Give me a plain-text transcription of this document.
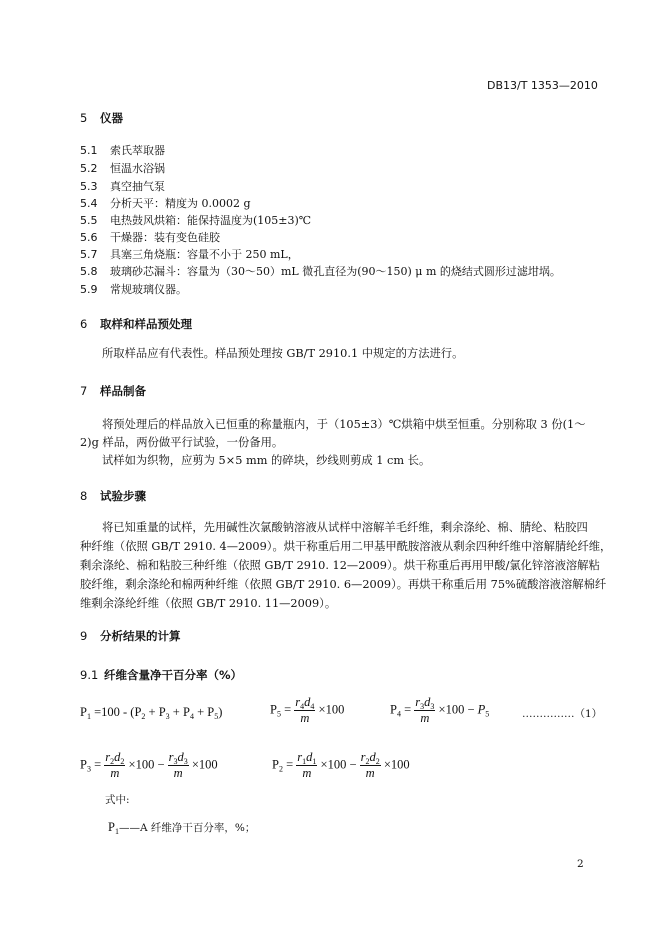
DB13/T 1353—2010
5 仪器
5.1 索氏萃取器
5.2 恒温水浴锅
5.3 真空抽气泵
5.4 分析天平：精度为 0.0002 g
5.5 电热鼓风烘箱：能保持温度为(105±3)℃
5.6 干燥器：装有变色硅胶
5.7 具塞三角烧瓶：容量不小于 250 mL，
5.8 玻璃砂芯漏斗：容量为（30～50）mL 微孔直径为(90～150) μ m 的烧结式圆形过滤坩埚。
5.9 常规玻璃仪器。
6 取样和样品预处理
所取样品应有代表性。样品预处理按 GB/T 2910.1 中规定的方法进行。
7 样品制备
将预处理后的样品放入已恒重的称量瓶内，于（105±3）℃烘箱中烘至恒重。分别称取 3 份(1～
2)g 样品，两份做平行试验，一份备用。
试样如为织物，应剪为 5×5 mm 的碎块，纱线则剪成 1 cm 长。
8 试验步骤
将已知重量的试样，先用碱性次氯酸钠溶液从试样中溶解羊毛纤维，剩余涤纶、棉、腈纶、粘胶四
种纤维（依照 GB/T 2910. 4—2009）。烘干称重后用二甲基甲酰胺溶液从剩余四种纤维中溶解腈纶纤维，
剩余涤纶、棉和粘胶三种纤维（依照 GB/T 2910. 12—2009）。烘干称重后再用甲酸/氯化锌溶液溶解粘
胶纤维，剩余涤纶和棉两种纤维（依照 GB/T 2910. 6—2009）。再烘干称重后用 75%硫酸溶液溶解棉纤
维剩余涤纶纤维（依照 GB/T 2910. 11—2009）。
9 分析结果的计算
9.1 纤维含量净干百分率（%）
$P_1 =100 - (P_2 + P_3 + P_4 + P_5)$	$P_5 = \frac{r_4d_4}{m} \times 100$	$P_4 = \frac{r_3d_3}{m} \times 100 - P_5$	……………（1）
$P_3 = \frac{r_2d_2}{m} \times 100 - \frac{r_3d_3}{m} \times 100$	$P_2 = \frac{r_1d_1}{m} \times 100 - \frac{r_2d_2}{m} \times 100$
式中:
$P_1——A$ 纤维净干百分率，%；
2
